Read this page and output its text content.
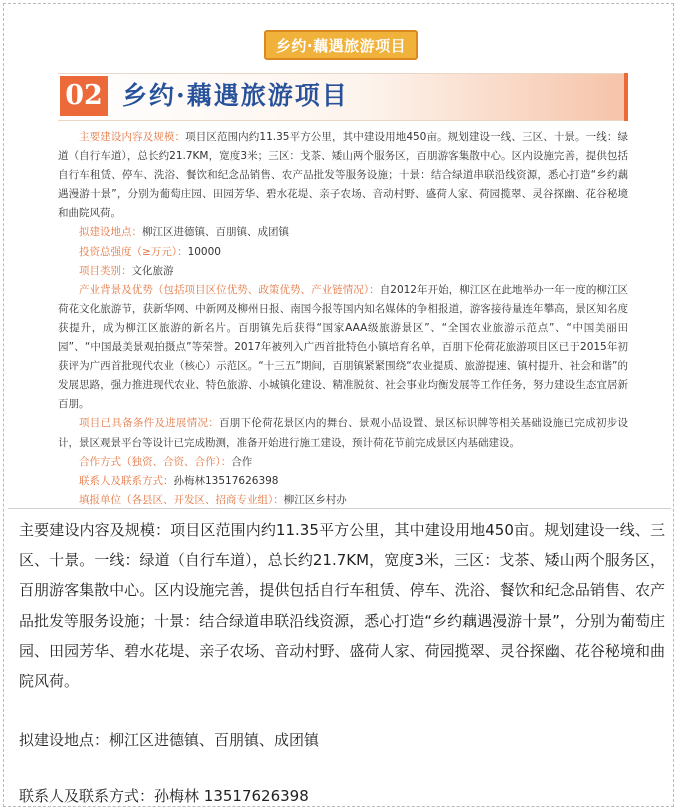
乡约·藕遇旅游项目
02 乡约·藕遇旅游项目

主要建设内容及规模：项目区范围内约11.35平方公里，其中建设用地450亩。规划建设一线、三区、十景。一线：绿道（自行车道），总长约21.7KM，宽度3米；三区：戈茶、矮山两个服务区，百朋游客集散中心。区内设施完善，提供包括自行车租赁、停车、洗浴、餐饮和纪念品销售、农产品批发等服务设施；十景：结合绿道串联沿线资源，悉心打造“乡约藕遇漫游十景”，分别为葡萄庄园、田园芳华、碧水花堤、亲子农场、音动村野、盛荷人家、荷园揽翠、灵谷探幽、花谷秘境和曲院风荷。

拟建设地点：柳江区进德镇、百朋镇、成团镇

投资总强度（≥万元）：10000

项目类别：文化旅游

产业背景及优势（包括项目区位优势、政策优势、产业链情况）：自2012年开始，柳江区在此地举办一年一度的柳江区荷花文化旅游节，获新华网、中新网及柳州日报、南国今报等国内知名媒体的争相报道，游客接待量连年攀高，景区知名度获提升，成为柳江区旅游的新名片。百朋镇先后获得“国家AAA级旅游景区”、“全国农业旅游示范点”、“中国美丽田园”、“中国最美景观拍摄点”等荣誉。2017年被列入广西首批特色小镇培育名单，百朋下伦荷花旅游项目区已于2015年初获评为广西首批现代农业（核心）示范区。“十三五”期间，百朋镇紧紧围绕“农业提质、旅游提速、镇村提升、社会和谐”的发展思路，强力推进现代农业、特色旅游、小城镇化建设、精准脱贫、社会事业均衡发展等工作任务，努力建设生态宜居新百朋。

项目已具备条件及进展情况：百朋下伦荷花景区内的舞台、景观小品设置、景区标识牌等相关基础设施已完成初步设计，景区观景平台等设计已完成勘测，准备开始进行施工建设，预计荷花节前完成景区内基础建设。

合作方式（独资、合资、合作）：合作

联系人及联系方式：孙梅林13517626398

填报单位（各县区、开发区、招商专业组）：柳江区乡村办

主要建设内容及规模：项目区范围内约11.35平方公里，其中建设用地450亩。规划建设一线、三区、十景。一线：绿道（自行车道），总长约21.7KM，宽度3米，三区：戈茶、矮山两个服务区，百朋游客集散中心。区内设施完善，提供包括自行车租赁、停车、洗浴、餐饮和纪念品销售、农产品批发等服务设施；十景：结合绿道串联沿线资源，悉心打造“乡约藕遇漫游十景”，分别为葡萄庄园、田园芳华、碧水花堤、亲子农场、音动村野、盛荷人家、荷园揽翠、灵谷探幽、花谷秘境和曲院风荷。

拟建设地点：柳江区进德镇、百朋镇、成团镇

联系人及联系方式：孙梅林 13517626398
